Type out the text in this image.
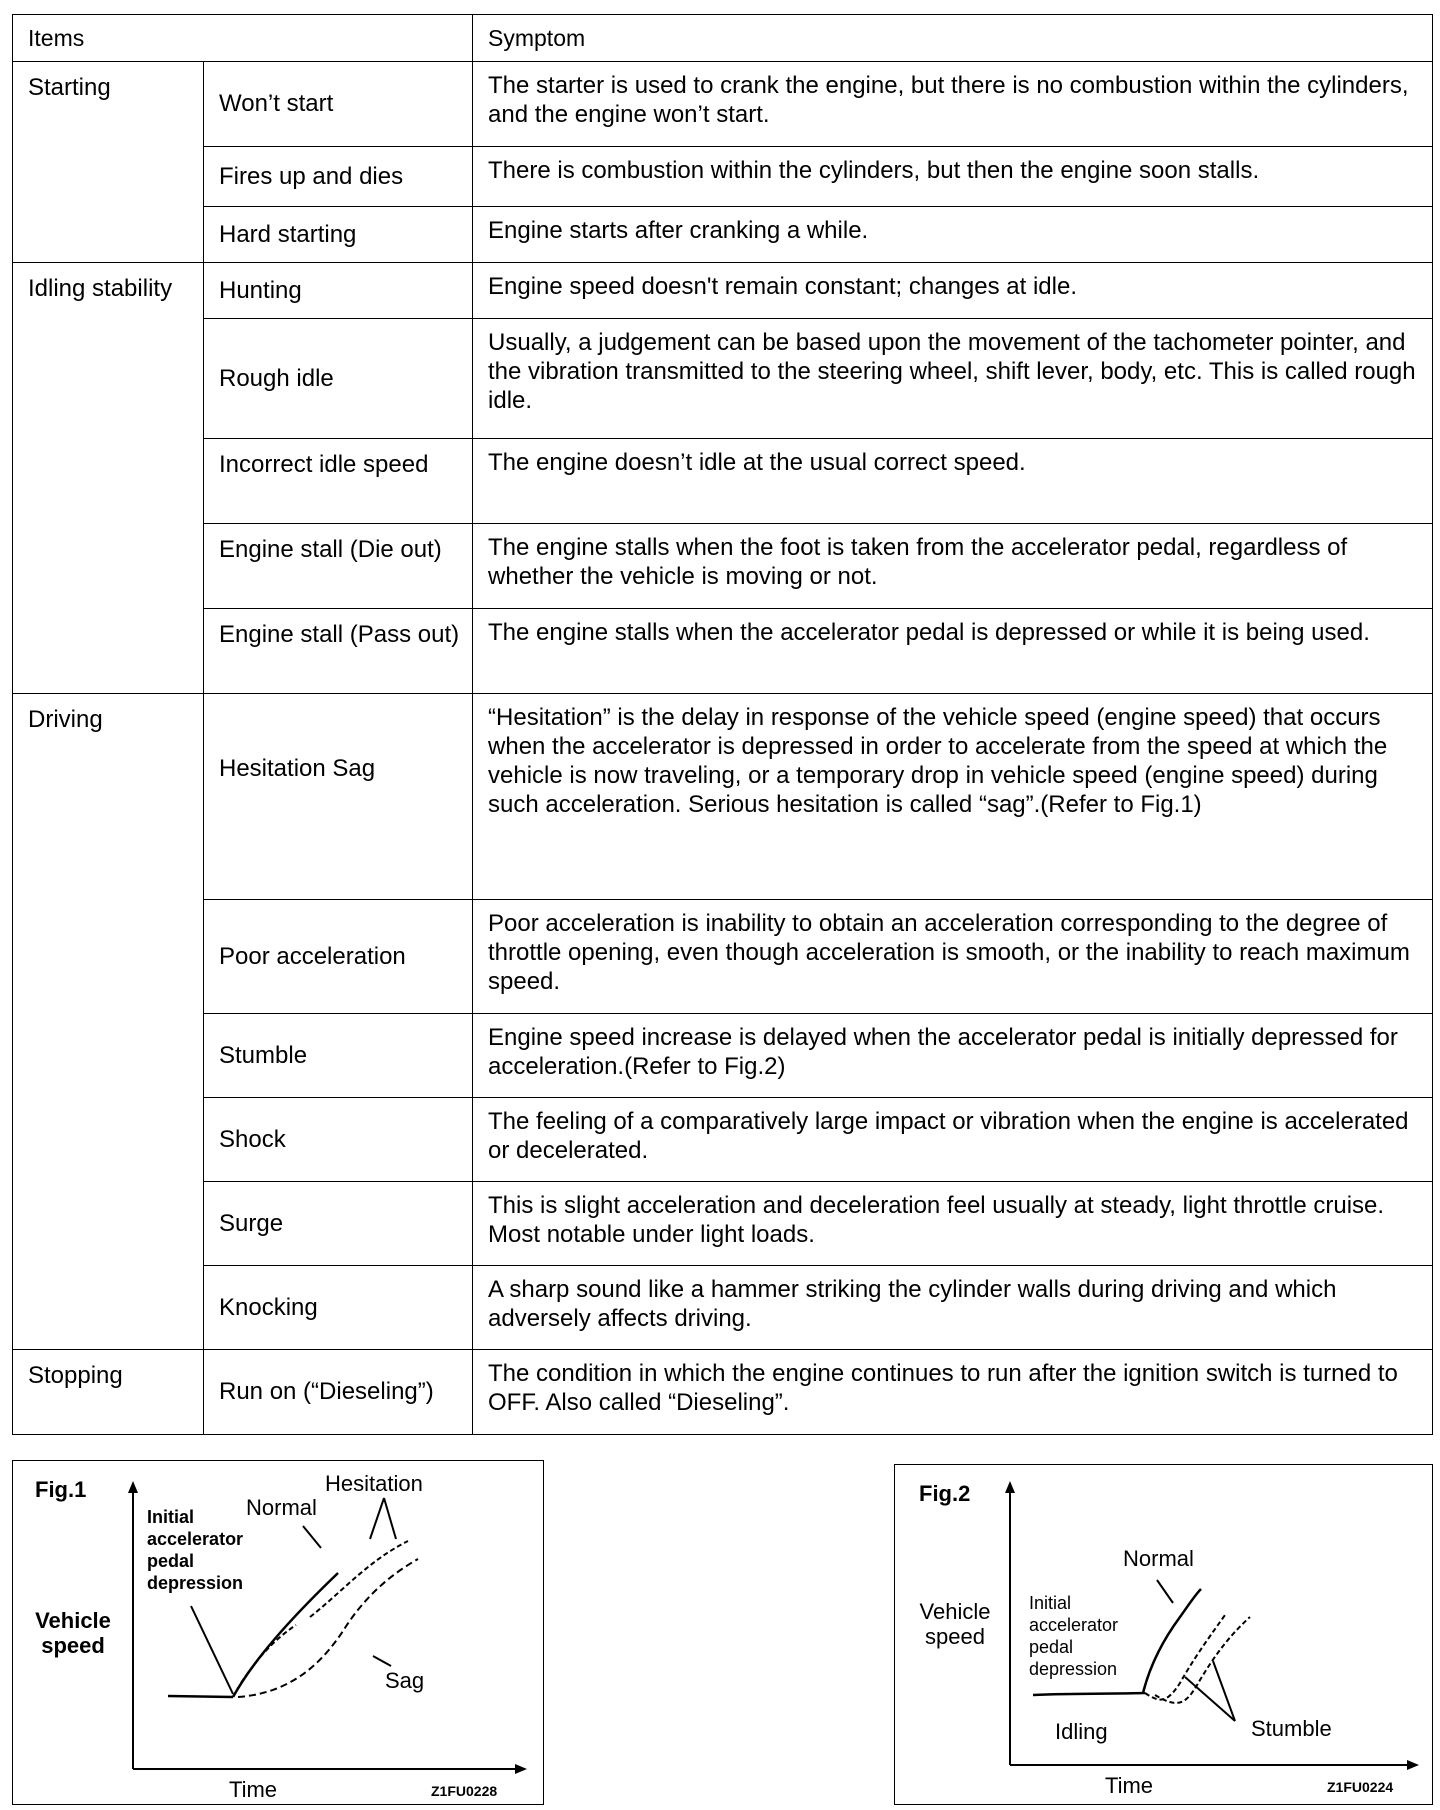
Items		Symptom
Starting	Won’t start	The starter is used to crank the engine, but there is no combustion within the cylinders, and the engine won’t start.
	Fires up and dies	There is combustion within the cylinders, but then the engine soon stalls.
	Hard starting	Engine starts after cranking a while.
Idling stability	Hunting	Engine speed doesn't remain constant; changes at idle.
	Rough idle	Usually, a judgement can be based upon the movement of the tachometer pointer, and the vibration transmitted to the steering wheel, shift lever, body, etc. This is called rough idle.
	Incorrect idle speed	The engine doesn’t idle at the usual correct speed.
	Engine stall (Die out)	The engine stalls when the foot is taken from the accelerator pedal, regardless of whether the vehicle is moving or not.
	Engine stall (Pass out)	The engine stalls when the accelerator pedal is depressed or while it is being used.
Driving	Hesitation Sag	“Hesitation” is the delay in response of the vehicle speed (engine speed) that occurs when the accelerator is depressed in order to accelerate from the speed at which the vehicle is now traveling, or a temporary drop in vehicle speed (engine speed) during such acceleration. Serious hesitation is called “sag”.(Refer to Fig.1)
	Poor acceleration	Poor acceleration is inability to obtain an acceleration corresponding to the degree of throttle opening, even though acceleration is smooth, or the inability to reach maximum speed.
	Stumble	Engine speed increase is delayed when the accelerator pedal is initially depressed for acceleration.(Refer to Fig.2)
	Shock	The feeling of a comparatively large impact or vibration when the engine is accelerated or decelerated.
	Surge	This is slight acceleration and deceleration feel usually at steady, light throttle cruise. Most notable under light loads.
	Knocking	A sharp sound like a hammer striking the cylinder walls during driving and which adversely affects driving.
Stopping	Run on (“Dieseling”)	The condition in which the engine continues to run after the ignition switch is turned to OFF. Also called “Dieseling”.
Fig.1
Vehicle
speed
Time	Z1FU0228
Initial
accelerator
pedal
depression
Normal
Hesitation
Sag
Fig.2
Vehicle
speed
Time	Z1FU0224
Initial
accelerator
pedal
depression
Normal
Idling	Stumble
